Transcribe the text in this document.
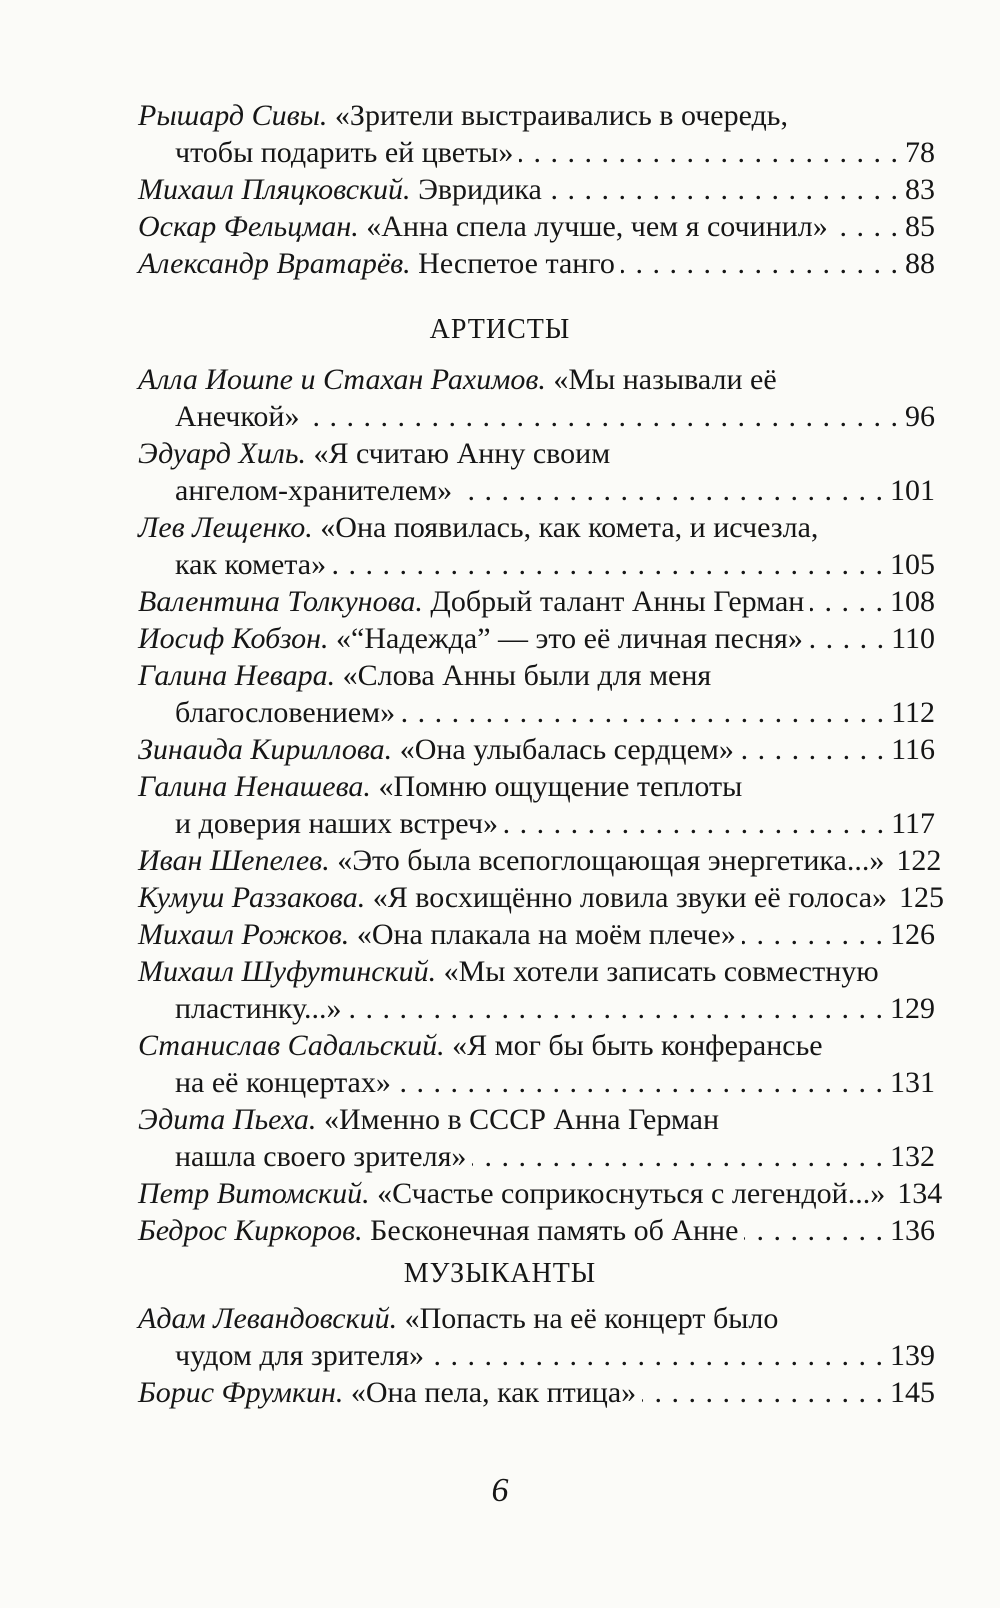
Рышард Сивы.
«Зрители выстраивались в очередь,
чтобы подарить ей цветы» . . .	78
Михаил Пляцковский.
Эвридика . . .	83
Оскар Фельцман.
«Анна спела лучше, чем я сочинил» . . .	85
Александр Вратарёв.
Неспетое танго . . .	88
АРТИСТЫ
Алла Иошпе и Стахан Рахимов.
«Мы называли её
Анечкой» . . .	96
Эдуард Хиль.
«Я считаю Анну своим
ангелом-хранителем» . . .	101
Лев Лещенко.
«Она появилась, как комета, и исчезла,
как комета» . . .	105
Валентина Толкунова.
Добрый талант Анны Герман . . .	108
Иосиф Кобзон.
«“Надежда” — это её личная песня» . . .	110
Галина Невара.
«Слова Анны были для меня
благословением» . . .	112
Зинаида Кириллова.
«Она улыбалась сердцем» . . .	116
Галина Ненашева.
«Помню ощущение теплоты
и доверия наших встреч» . . .	117
Иван Шепелев.
«Это была всепоглощающая энергетика...» 122
Кумуш Раззакова.
«Я восхищённо ловила звуки её голоса» 125
Михаил Рожков.
«Она плакала на моём плече» . . .	126
Михаил Шуфутинский.
«Мы хотели записать совместную
пластинку...» . . .	129
Станислав Садальский.
«Я мог бы быть конферансье
на её концертах» . . .	131
Эдита Пьеха.
«Именно в СССР Анна Герман
нашла своего зрителя» . . .	132
Петр Витомский.
«Счастье соприкоснуться с легендой...» 134
Бедрос Киркоров.
Бесконечная память об Анне . . .	136
МУЗЫКАНТЫ
Адам Левандовский.
«Попасть на её концерт было
чудом для зрителя» . . .	139
Борис Фрумкин.
«Она пела, как птица» . . .	145
6
